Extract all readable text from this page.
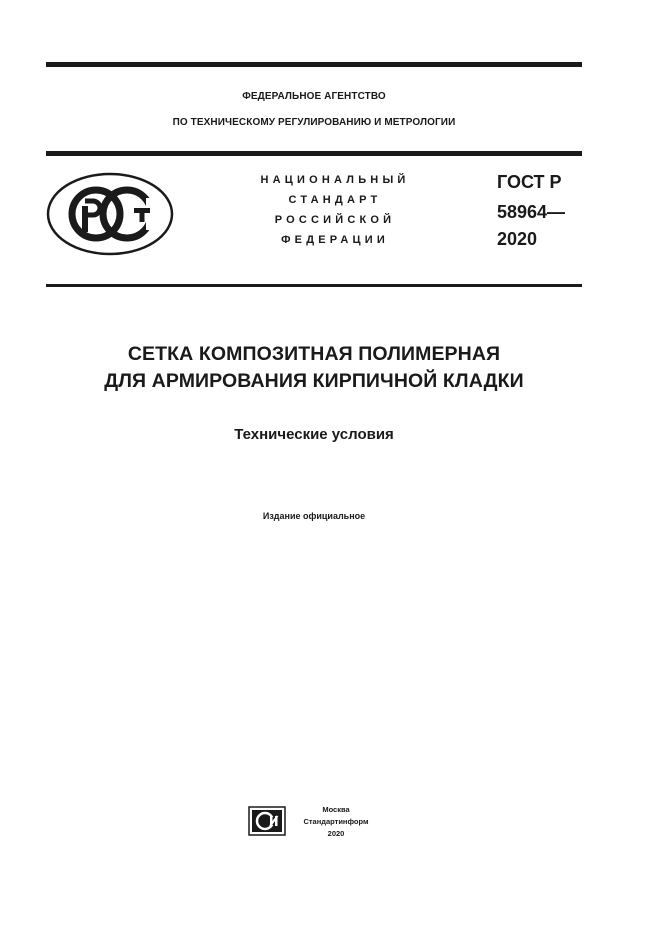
ФЕДЕРАЛЬНОЕ АГЕНТСТВО
ПО ТЕХНИЧЕСКОМУ РЕГУЛИРОВАНИЮ И МЕТРОЛОГИИ
НАЦИОНАЛЬНЫЙ
СТАНДАРТ
РОССИЙСКОЙ
ФЕДЕРАЦИИ
ГОСТ Р
58964—
2020
СЕТКА КОМПОЗИТНАЯ ПОЛИМЕРНАЯ
ДЛЯ АРМИРОВАНИЯ КИРПИЧНОЙ КЛАДКИ
Технические условия
Издание официальное
Москва
Стандартинформ
2020
